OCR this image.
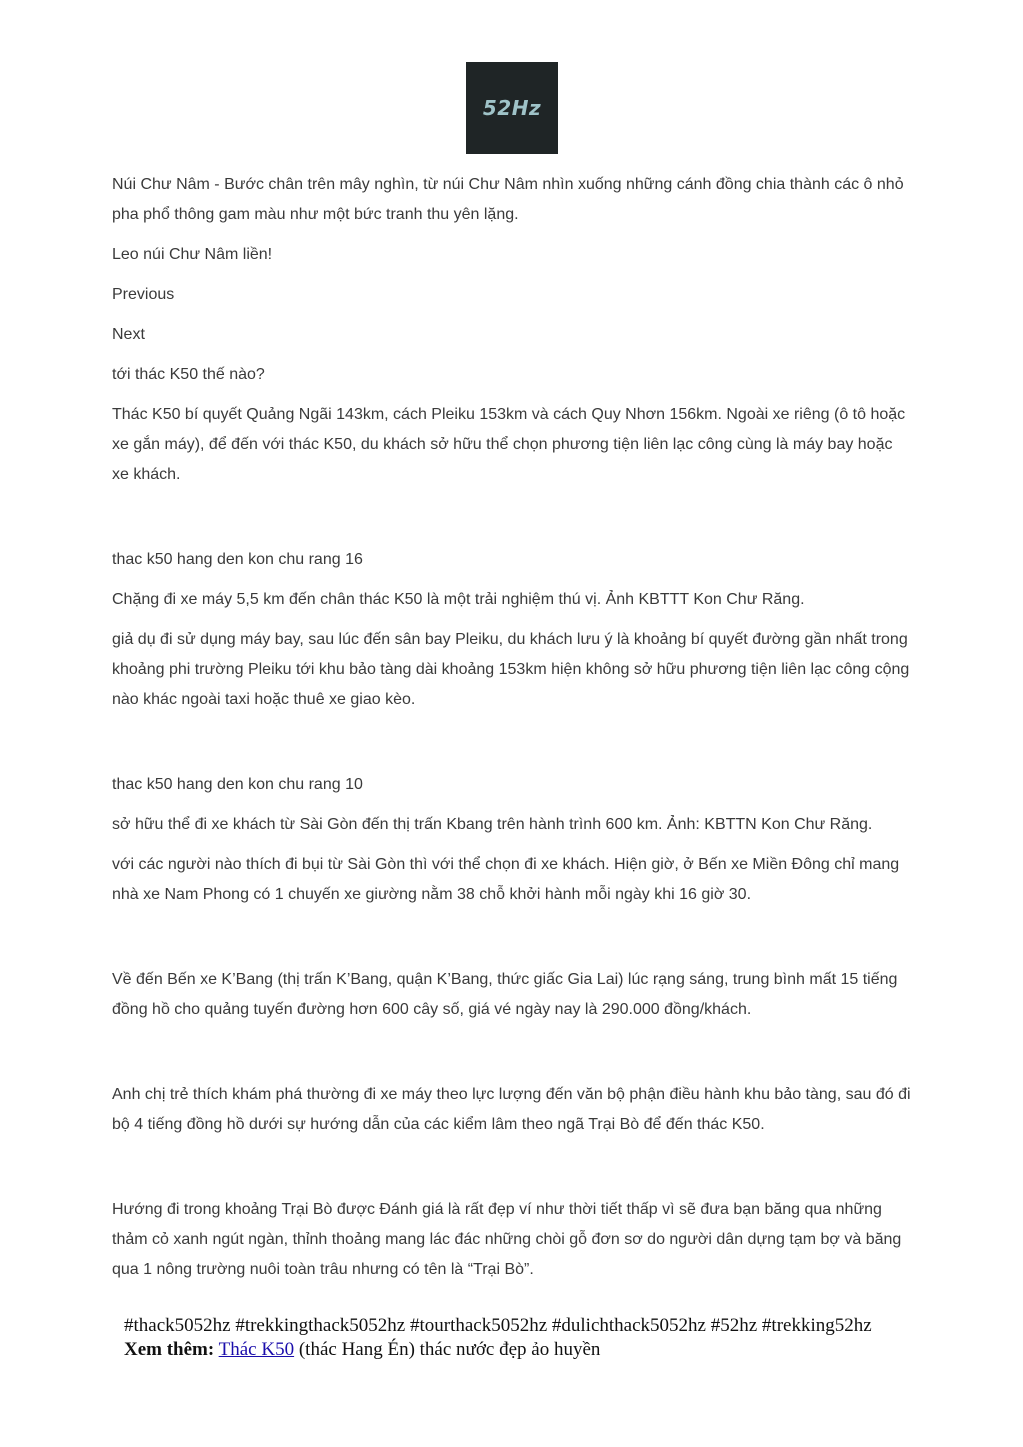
52Hz

Núi Chư Nâm - Bước chân trên mây nghìn, từ núi Chư Nâm nhìn xuống những cánh đồng chia thành các ô nhỏ pha phổ thông gam màu như một bức tranh thu yên lặng.

Leo núi Chư Nâm liền!

Previous

Next

tới thác K50 thế nào?

Thác K50 bí quyết Quảng Ngãi 143km, cách Pleiku 153km và cách Quy Nhơn 156km. Ngoài xe riêng (ô tô hoặc xe gắn máy), để đến với thác K50, du khách sở hữu thể chọn phương tiện liên lạc công cùng là máy bay hoặc xe khách.

thac k50 hang den kon chu rang 16

Chặng đi xe máy 5,5 km đến chân thác K50 là một trải nghiệm thú vị. Ảnh KBTTT Kon Chư Răng.

giả dụ đi sử dụng máy bay, sau lúc đến sân bay Pleiku, du khách lưu ý là khoảng bí quyết đường gần nhất trong khoảng phi trường Pleiku tới khu bảo tàng dài khoảng 153km hiện không sở hữu phương tiện liên lạc công cộng nào khác ngoài taxi hoặc thuê xe giao kèo.

thac k50 hang den kon chu rang 10

sở hữu thể đi xe khách từ Sài Gòn đến thị trấn Kbang trên hành trình 600 km. Ảnh: KBTTN Kon Chư Răng.

với các người nào thích đi bụi từ Sài Gòn thì với thể chọn đi xe khách. Hiện giờ, ở Bến xe Miền Đông chỉ mang nhà xe Nam Phong có 1 chuyến xe giường nằm 38 chỗ khởi hành mỗi ngày khi 16 giờ 30.

Về đến Bến xe K’Bang (thị trấn K’Bang, quận K’Bang, thức giấc Gia Lai) lúc rạng sáng, trung bình mất 15 tiếng đồng hồ cho quảng tuyến đường hơn 600 cây số, giá vé ngày nay là 290.000 đồng/khách.

Anh chị trẻ thích khám phá thường đi xe máy theo lực lượng đến văn bộ phận điều hành khu bảo tàng, sau đó đi bộ 4 tiếng đồng hồ dưới sự hướng dẫn của các kiểm lâm theo ngã Trại Bò để đến thác K50.

Hướng đi trong khoảng Trại Bò được Đánh giá là rất đẹp ví như thời tiết thấp vì sẽ đưa bạn băng qua những thảm cỏ xanh ngút ngàn, thỉnh thoảng mang lác đác những chòi gỗ đơn sơ do người dân dựng tạm bợ và băng qua 1 nông trường nuôi toàn trâu nhưng có tên là “Trại Bò”.

#thack5052hz #trekkingthack5052hz #tourthack5052hz #dulichthack5052hz #52hz #trekking52hz
Xem thêm: Thác K50 (thác Hang Én) thác nước đẹp ảo huyền
